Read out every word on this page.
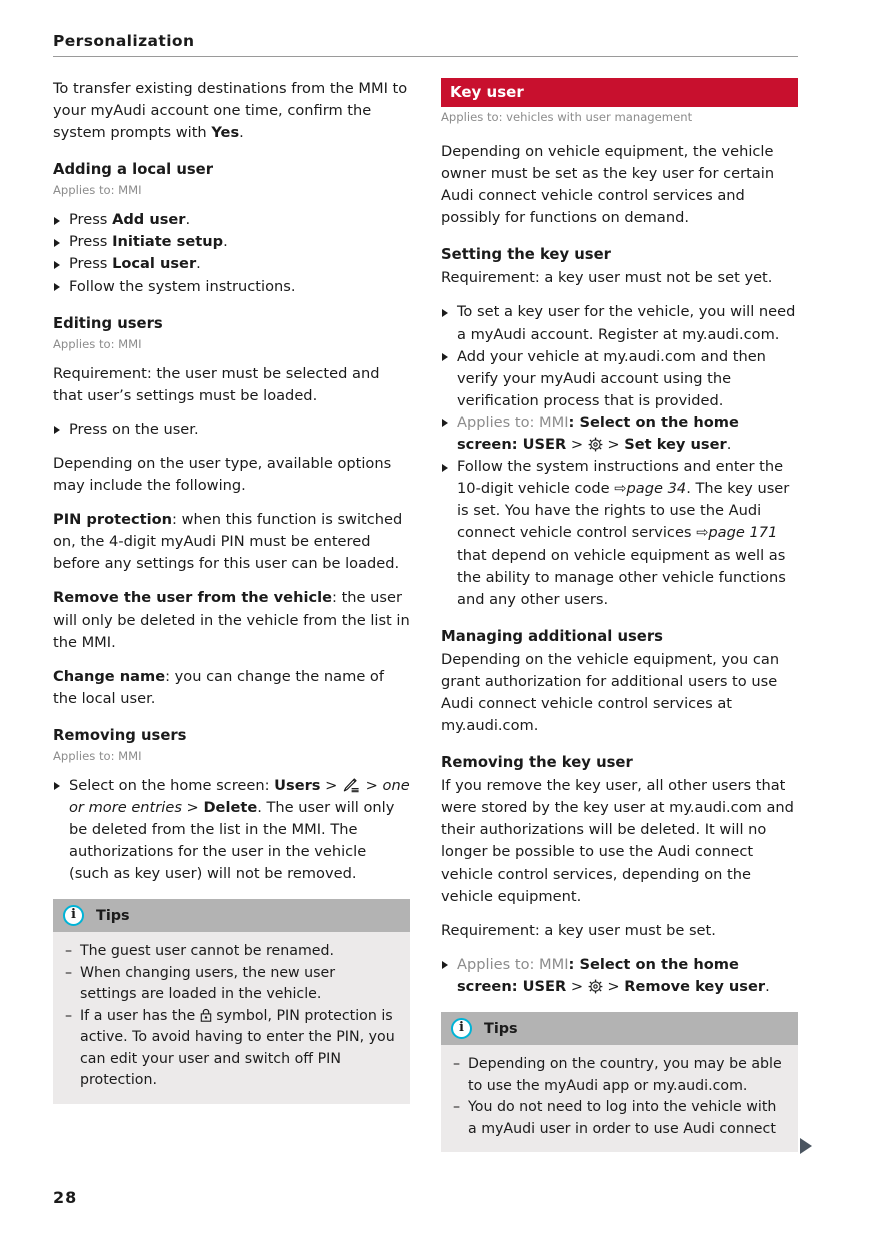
Personalization

To transfer existing destinations from the MMI to your myAudi account one time, confirm the system prompts with Yes.

Adding a local user
Applies to: MMI
Press Add user.
Press Initiate setup.
Press Local user.
Follow the system instructions.
Editing users
Applies to: MMI

Requirement: the user must be selected and that user’s settings must be loaded.

Press on the user.

Depending on the user type, available options may include the following.

PIN protection: when this function is switched on, the 4-digit myAudi PIN must be entered before any settings for this user can be loaded.

Remove the user from the vehicle: the user will only be deleted in the vehicle from the list in the MMI.

Change name: you can change the name of the local user.

Removing users
Applies to: MMI
Select on the home screen: Users >  > one or more entries > Delete. The user will only be deleted from the list in the MMI. The authorizations for the user in the vehicle (such as key user) will not be removed.
i	Tips
– The guest user cannot be renamed.
– When changing users, the new user settings are loaded in the vehicle.
– If a user has the  symbol, PIN protection is active. To avoid having to enter the PIN, you can edit your user and switch off PIN protection.
Key user
Applies to: vehicles with user management

Depending on vehicle equipment, the vehicle owner must be set as the key user for certain Audi connect vehicle control services and possibly for functions on demand.

Setting the key user

Requirement: a key user must not be set yet.

To set a key user for the vehicle, you will need a myAudi account. Register at my.audi.com.
Add your vehicle at my.audi.com and then verify your myAudi account using the verification process that is provided.
Applies to: MMI: Select on the home screen: USER >  > Set key user.
Follow the system instructions and enter the 10-digit vehicle code ⇨page 34. The key user is set. You have the rights to use the Audi connect vehicle control services ⇨page 171 that depend on vehicle equipment as well as the ability to manage other vehicle functions and any other users.
Managing additional users

Depending on the vehicle equipment, you can grant authorization for additional users to use Audi connect vehicle control services at my.audi.com.

Removing the key user

If you remove the key user, all other users that were stored by the key user at my.audi.com and their authorizations will be deleted. It will no longer be possible to use the Audi connect vehicle control services, depending on the vehicle equipment.

Requirement: a key user must be set.

Applies to: MMI: Select on the home screen: USER >  > Remove key user.
i	Tips
– Depending on the country, you may be able to use the myAudi app or my.audi.com.
– You do not need to log into the vehicle with a myAudi user in order to use Audi connect
28
